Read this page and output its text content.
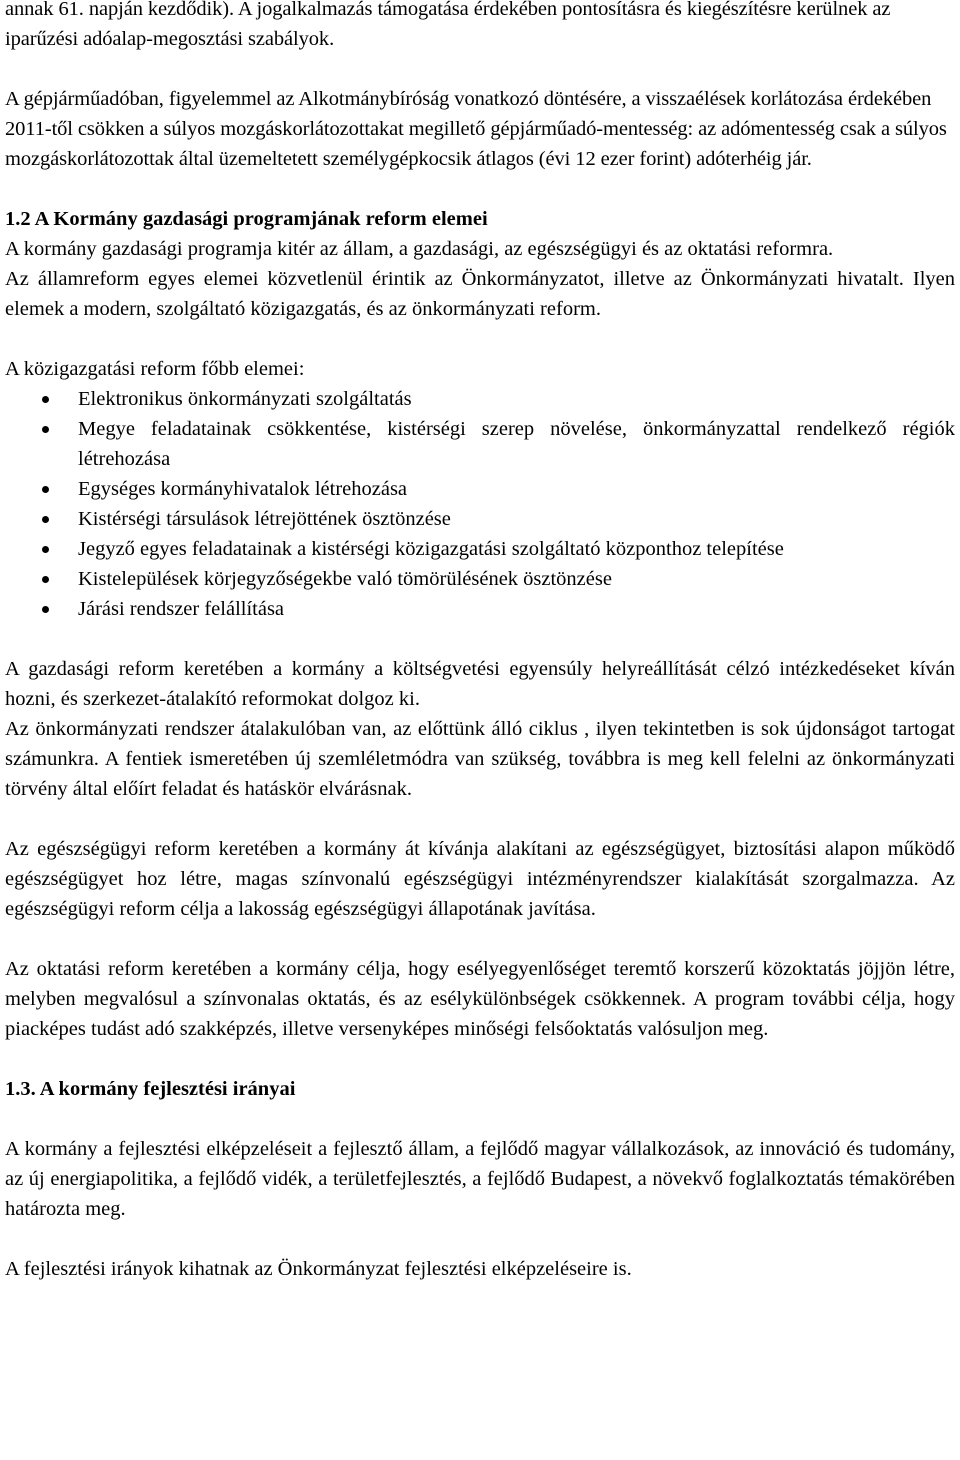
annak 61. napján kezdődik). A jogalkalmazás támogatása érdekében pontosításra és kiegészítésre kerülnek az iparűzési adóalap-megosztási szabályok.

A gépjárműadóban, figyelemmel az Alkotmánybíróság vonatkozó döntésére, a visszaélések korlátozása érdekében 2011-től csökken a súlyos mozgáskorlátozottakat megillető gépjárműadó-mentesség: az adómentesség csak a súlyos mozgáskorlátozottak által üzemeltetett személygépkocsik átlagos (évi 12 ezer forint) adóterhéig jár.

1.2 A Kormány gazdasági programjának reform elemei

A kormány gazdasági programja kitér az állam, a gazdasági, az egészségügyi és az oktatási reformra.

Az államreform egyes elemei közvetlenül érintik az Önkormányzatot, illetve az Önkormányzati hivatalt. Ilyen elemek a modern, szolgáltató közigazgatás, és az önkormányzati reform.

A közigazgatási reform főbb elemei:

Elektronikus önkormányzati szolgáltatás
Megye feladatainak csökkentése, kistérségi szerep növelése, önkormányzattal rendelkező régiók létrehozása
Egységes kormányhivatalok létrehozása
Kistérségi társulások létrejöttének ösztönzése
Jegyző egyes feladatainak a kistérségi közigazgatási szolgáltató központhoz telepítése
Kistelepülések körjegyzőségekbe való tömörülésének ösztönzése
Járási rendszer felállítása

A gazdasági reform keretében a kormány a költségvetési egyensúly helyreállítását célzó intézkedéseket kíván hozni, és szerkezet-átalakító reformokat dolgoz ki.

Az önkormányzati rendszer átalakulóban van, az előttünk álló ciklus , ilyen tekintetben is sok újdonságot tartogat számunkra. A fentiek ismeretében új szemléletmódra van szükség, továbbra is meg kell felelni az önkormányzati törvény által előírt feladat és hatáskör elvárásnak.

Az egészségügyi reform keretében a kormány át kívánja alakítani az egészségügyet, biztosítási alapon működő egészségügyet hoz létre, magas színvonalú egészségügyi intézményrendszer kialakítását szorgalmazza. Az egészségügyi reform célja a lakosság egészségügyi állapotának javítása.

Az oktatási reform keretében a kormány célja, hogy esélyegyenlőséget teremtő korszerű közoktatás jöjjön létre, melyben megvalósul a színvonalas oktatás, és az esélykülönbségek csökkennek. A program további célja, hogy piacképes tudást adó szakképzés, illetve versenyképes minőségi felsőoktatás valósuljon meg.

1.3. A kormány fejlesztési irányai

A kormány a fejlesztési elképzeléseit a fejlesztő állam, a fejlődő magyar vállalkozások, az innováció és tudomány, az új energiapolitika, a fejlődő vidék, a területfejlesztés, a fejlődő Budapest, a növekvő foglalkoztatás témakörében határozta meg.

A fejlesztési irányok kihatnak az Önkormányzat fejlesztési elképzeléseire is.
